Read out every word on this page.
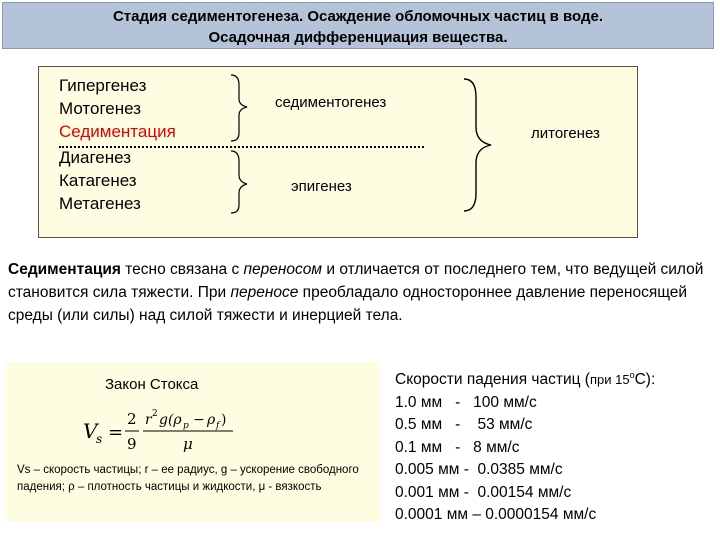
Стадия седиментогенеза. Осаждение обломочных частиц в воде.
Осадочная дифференциация вещества.
Гипергенез
Мотогенез
Седиментация
Диагенез
Катагенез
Метагенез
седиментогенез
эпигенез
литогенез
Седиментация тесно связана с переносом и отличается от последнего тем, что ведущей силой становится сила тяжести. При переносе преобладало одностороннее давление переносящей среды (или силы) над силой тяжести и инерцией тела.
Закон Стокса
V
s =
2
9
r 2 g(ρ p − ρ f )
μ
Vs – скорость частицы; r – ее радиус, g – ускорение свободного падения; ρ – плотность частицы и жидкости, μ - вязкость
Скорости падения частиц (при $15^оС$):
1.0 мм   -   100 мм/с
0.5 мм   -    53 мм/с
0.1 мм   -   8 мм/с
0.005 мм -  0.0385 мм/с
0.001 мм -  0.00154 мм/с
0.0001 мм – 0.0000154 мм/с
